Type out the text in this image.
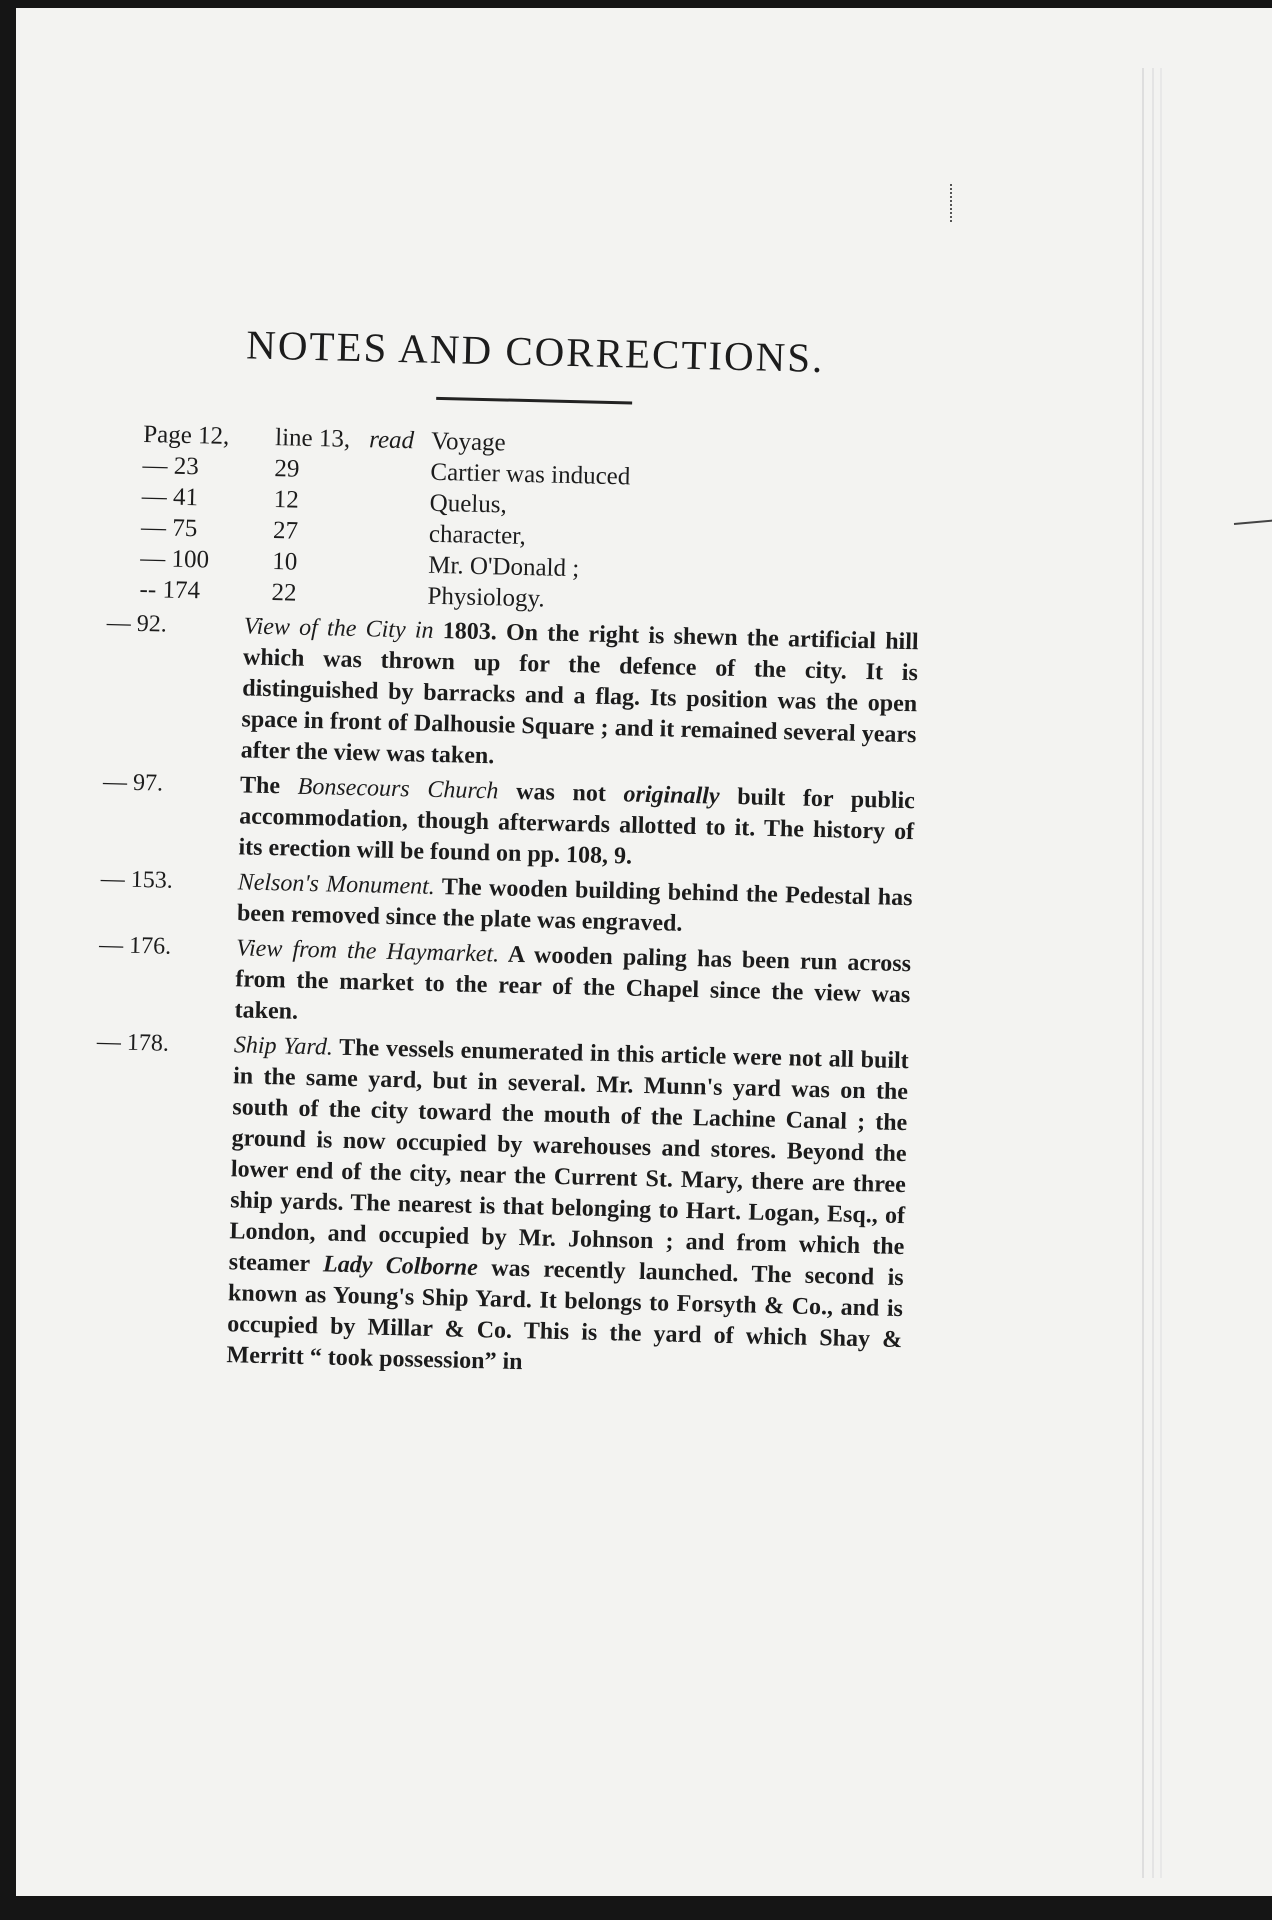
NOTES AND CORRECTIONS.
Page 12,	line 13, read Voyage
— 23	29	Cartier was induced
— 41	12	Quelus,
— 75	27	character,
— 100	10	Mr. O'Donald ;
-- 174	22	Physiology.
— 92.	View of the City in 1803. On the right is shewn the artificial hill which was thrown up for the defence of the city. It is distinguished by barracks and a flag. Its position was the open space in front of Dalhousie Square ; and it remained several years after the view was taken.
— 97.	The Bonsecours Church was not originally built for public accommodation, though afterwards allotted to it. The history of its erection will be found on pp. 108, 9.
— 153.	Nelson's Monument. The wooden building behind the Pedestal has been removed since the plate was engraved.
— 176.	View from the Haymarket. A wooden paling has been run across from the market to the rear of the Chapel since the view was taken.
— 178.	Ship Yard. The vessels enumerated in this article were not all built in the same yard, but in several. Mr. Munn's yard was on the south of the city toward the mouth of the Lachine Canal ; the ground is now occupied by warehouses and stores. Beyond the lower end of the city, near the Current St. Mary, there are three ship yards. The nearest is that belonging to Hart. Logan, Esq., of London, and occupied by Mr. Johnson ; and from which the steamer Lady Colborne was recently launched. The second is known as Young's Ship Yard. It belongs to Forsyth & Co., and is occupied by Millar & Co. This is the yard of which Shay & Merritt “ took possession” in
